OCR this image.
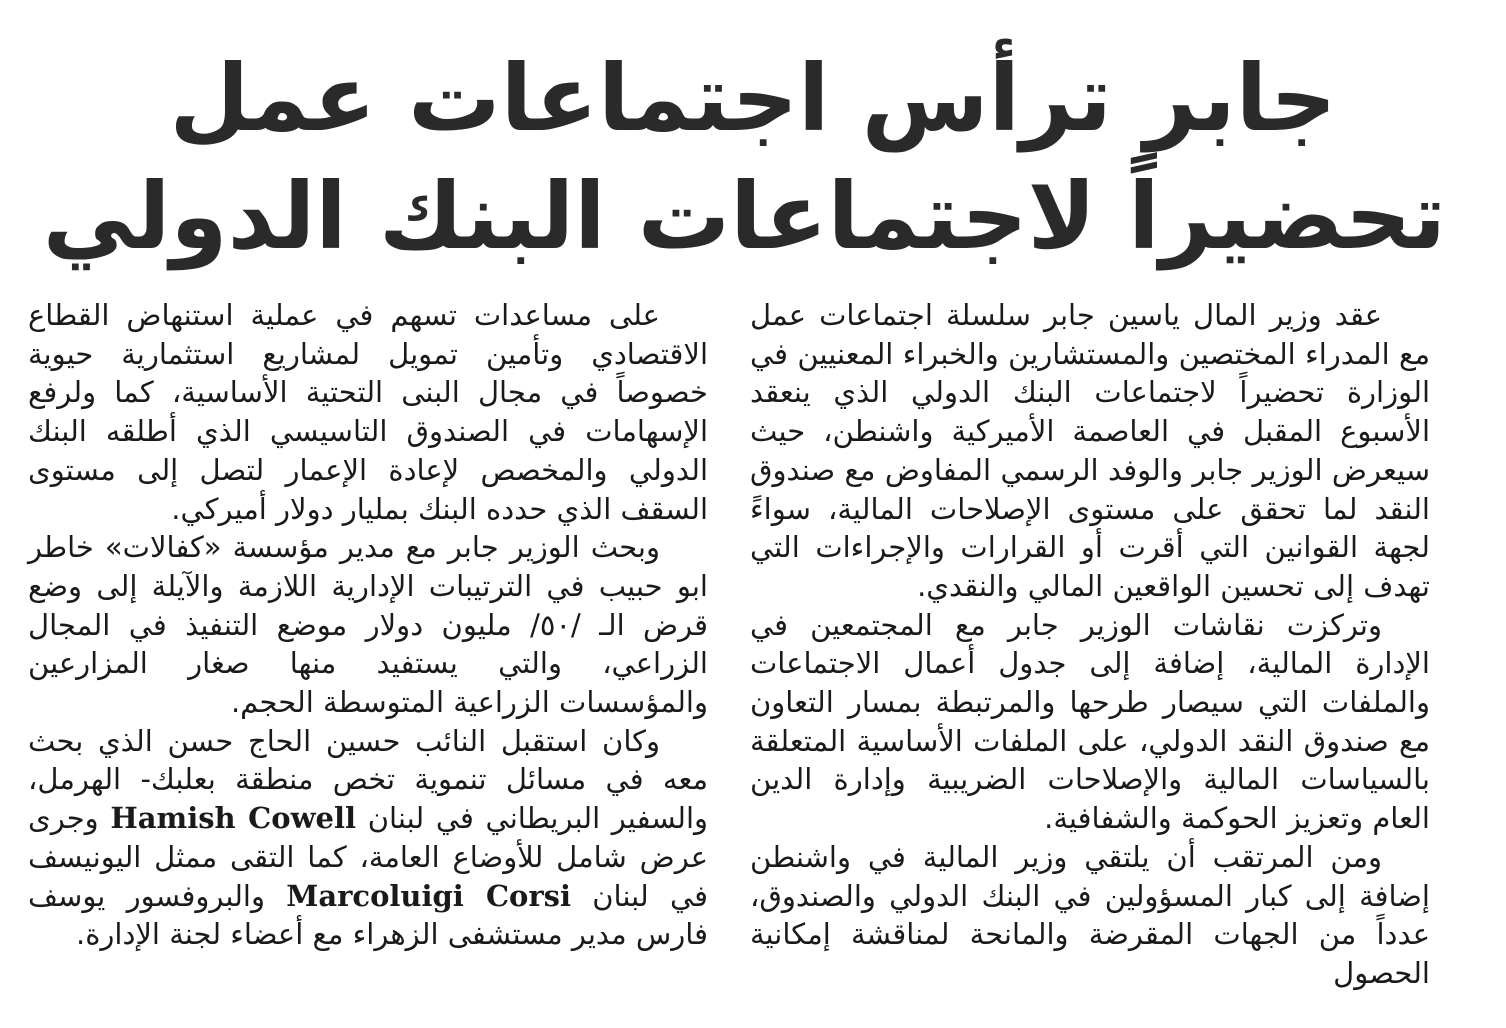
جابر ترأس اجتماعات عمل
تحضيراً لاجتماعات البنك الدولي

عقد وزير المال ياسين جابر سلسلة اجتماعات عمل مع المدراء المختصين والمستشارين والخبراء المعنيين في الوزارة تحضيراً لاجتماعات البنك الدولي الذي ينعقد الأسبوع المقبل في العاصمة الأميركية واشنطن، حيث سيعرض الوزير جابر والوفد الرسمي المفاوض مع صندوق النقد لما تحقق على مستوى الإصلاحات المالية، سواءً لجهة القوانين التي أقرت أو القرارات والإجراءات التي تهدف إلى تحسين الواقعين المالي والنقدي.

وتركزت نقاشات الوزير جابر مع المجتمعين في الإدارة المالية، إضافة إلى جدول أعمال الاجتماعات والملفات التي سيصار طرحها والمرتبطة بمسار التعاون مع صندوق النقد الدولي، على الملفات الأساسية المتعلقة بالسياسات المالية والإصلاحات الضريبية وإدارة الدين العام وتعزيز الحوكمة والشفافية.

ومن المرتقب أن يلتقي وزير المالية في واشنطن إضافة إلى كبار المسؤولين في البنك الدولي والصندوق، عدداً من الجهات المقرضة والمانحة لمناقشة إمكانية الحصول

على مساعدات تسهم في عملية استنهاض القطاع الاقتصادي وتأمين تمويل لمشاريع استثمارية حيوية خصوصاً في مجال البنى التحتية الأساسية، كما ولرفع الإسهامات في الصندوق التاسيسي الذي أطلقه البنك الدولي والمخصص لإعادة الإعمار لتصل إلى مستوى السقف الذي حدده البنك بمليار دولار أميركي.

وبحث الوزير جابر مع مدير مؤسسة «كفالات» خاطر ابو حبيب في الترتيبات الإدارية اللازمة والآيلة إلى وضع قرض الـ /٥٠/ مليون دولار موضع التنفيذ في المجال الزراعي، والتي يستفيد منها صغار المزارعين والمؤسسات الزراعية المتوسطة الحجم.

وكان استقبل النائب حسين الحاج حسن الذي بحث معه في مسائل تنموية تخص منطقة بعلبك- الهرمل، والسفير البريطاني في لبنان Hamish Cowell وجرى عرض شامل للأوضاع العامة، كما التقى ممثل اليونيسف في لبنان Marcoluigi Corsi والبروفسور يوسف فارس مدير مستشفى الزهراء مع أعضاء لجنة الإدارة.
